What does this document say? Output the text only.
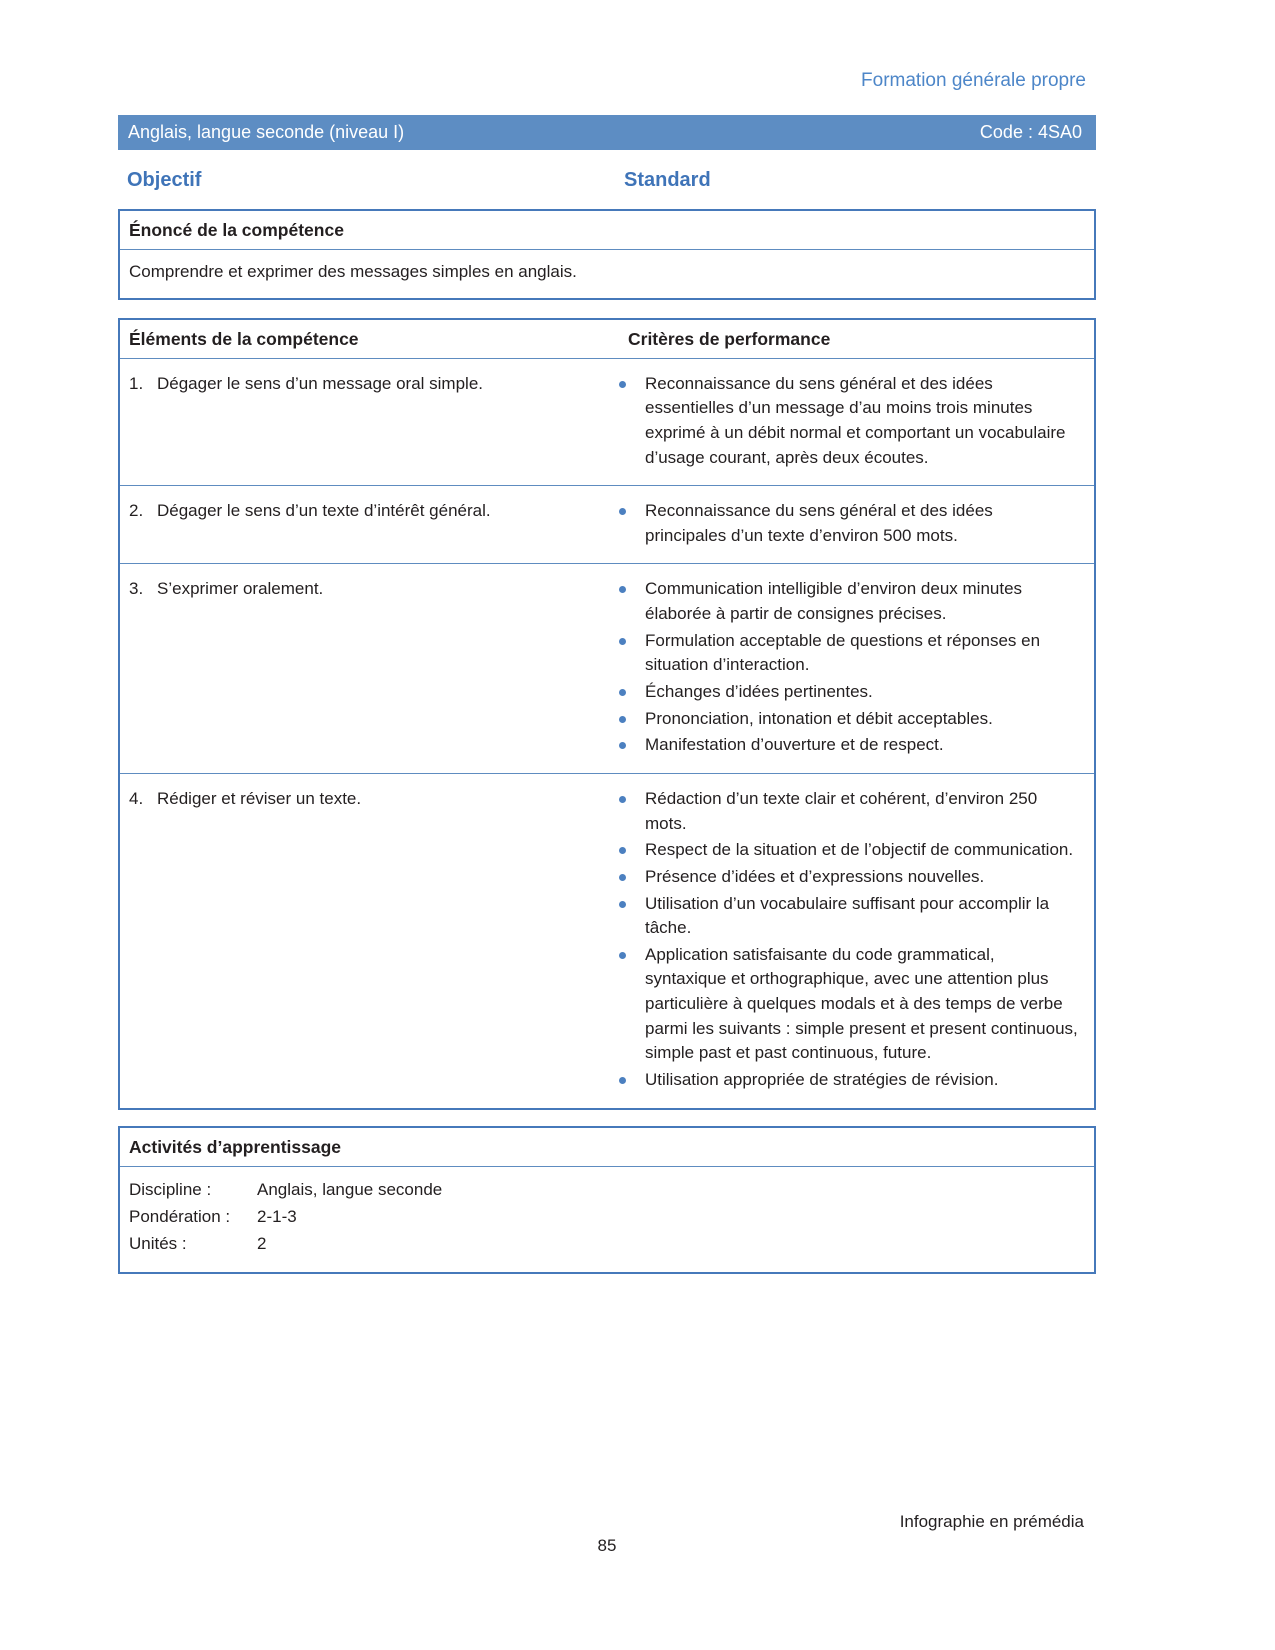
Formation générale propre
Anglais, langue seconde (niveau I)	Code : 4SA0
Objectif	Standard
Énoncé de la compétence
Comprendre et exprimer des messages simples en anglais.
Éléments de la compétence	Critères de performance
1. Dégager le sens d’un message oral simple.	Reconnaissance du sens général et des idées essentielles d’un message d’au moins trois minutes exprimé à un débit normal et comportant un vocabulaire d’usage courant, après deux écoutes.
2. Dégager le sens d’un texte d’intérêt général.	Reconnaissance du sens général et des idées principales d’un texte d’environ 500 mots.
3. S’exprimer oralement.	Communication intelligible d’environ deux minutes élaborée à partir de consignes précises.
Formulation acceptable de questions et réponses en situation d’interaction.
Échanges d’idées pertinentes.
Prononciation, intonation et débit acceptables.
Manifestation d’ouverture et de respect.
4. Rédiger et réviser un texte.	Rédaction d’un texte clair et cohérent, d’environ 250 mots.
Respect de la situation et de l’objectif de communication.
Présence d’idées et d’expressions nouvelles.
Utilisation d’un vocabulaire suffisant pour accomplir la tâche.
Application satisfaisante du code grammatical, syntaxique et orthographique, avec une attention plus particulière à quelques modals et à des temps de verbe parmi les suivants : simple present et present continuous, simple past et past continuous, future.
Utilisation appropriée de stratégies de révision.
Activités d’apprentissage
Discipline :	Anglais, langue seconde
Pondération :	2-1-3
Unités :	2
Infographie en prémédia
85
